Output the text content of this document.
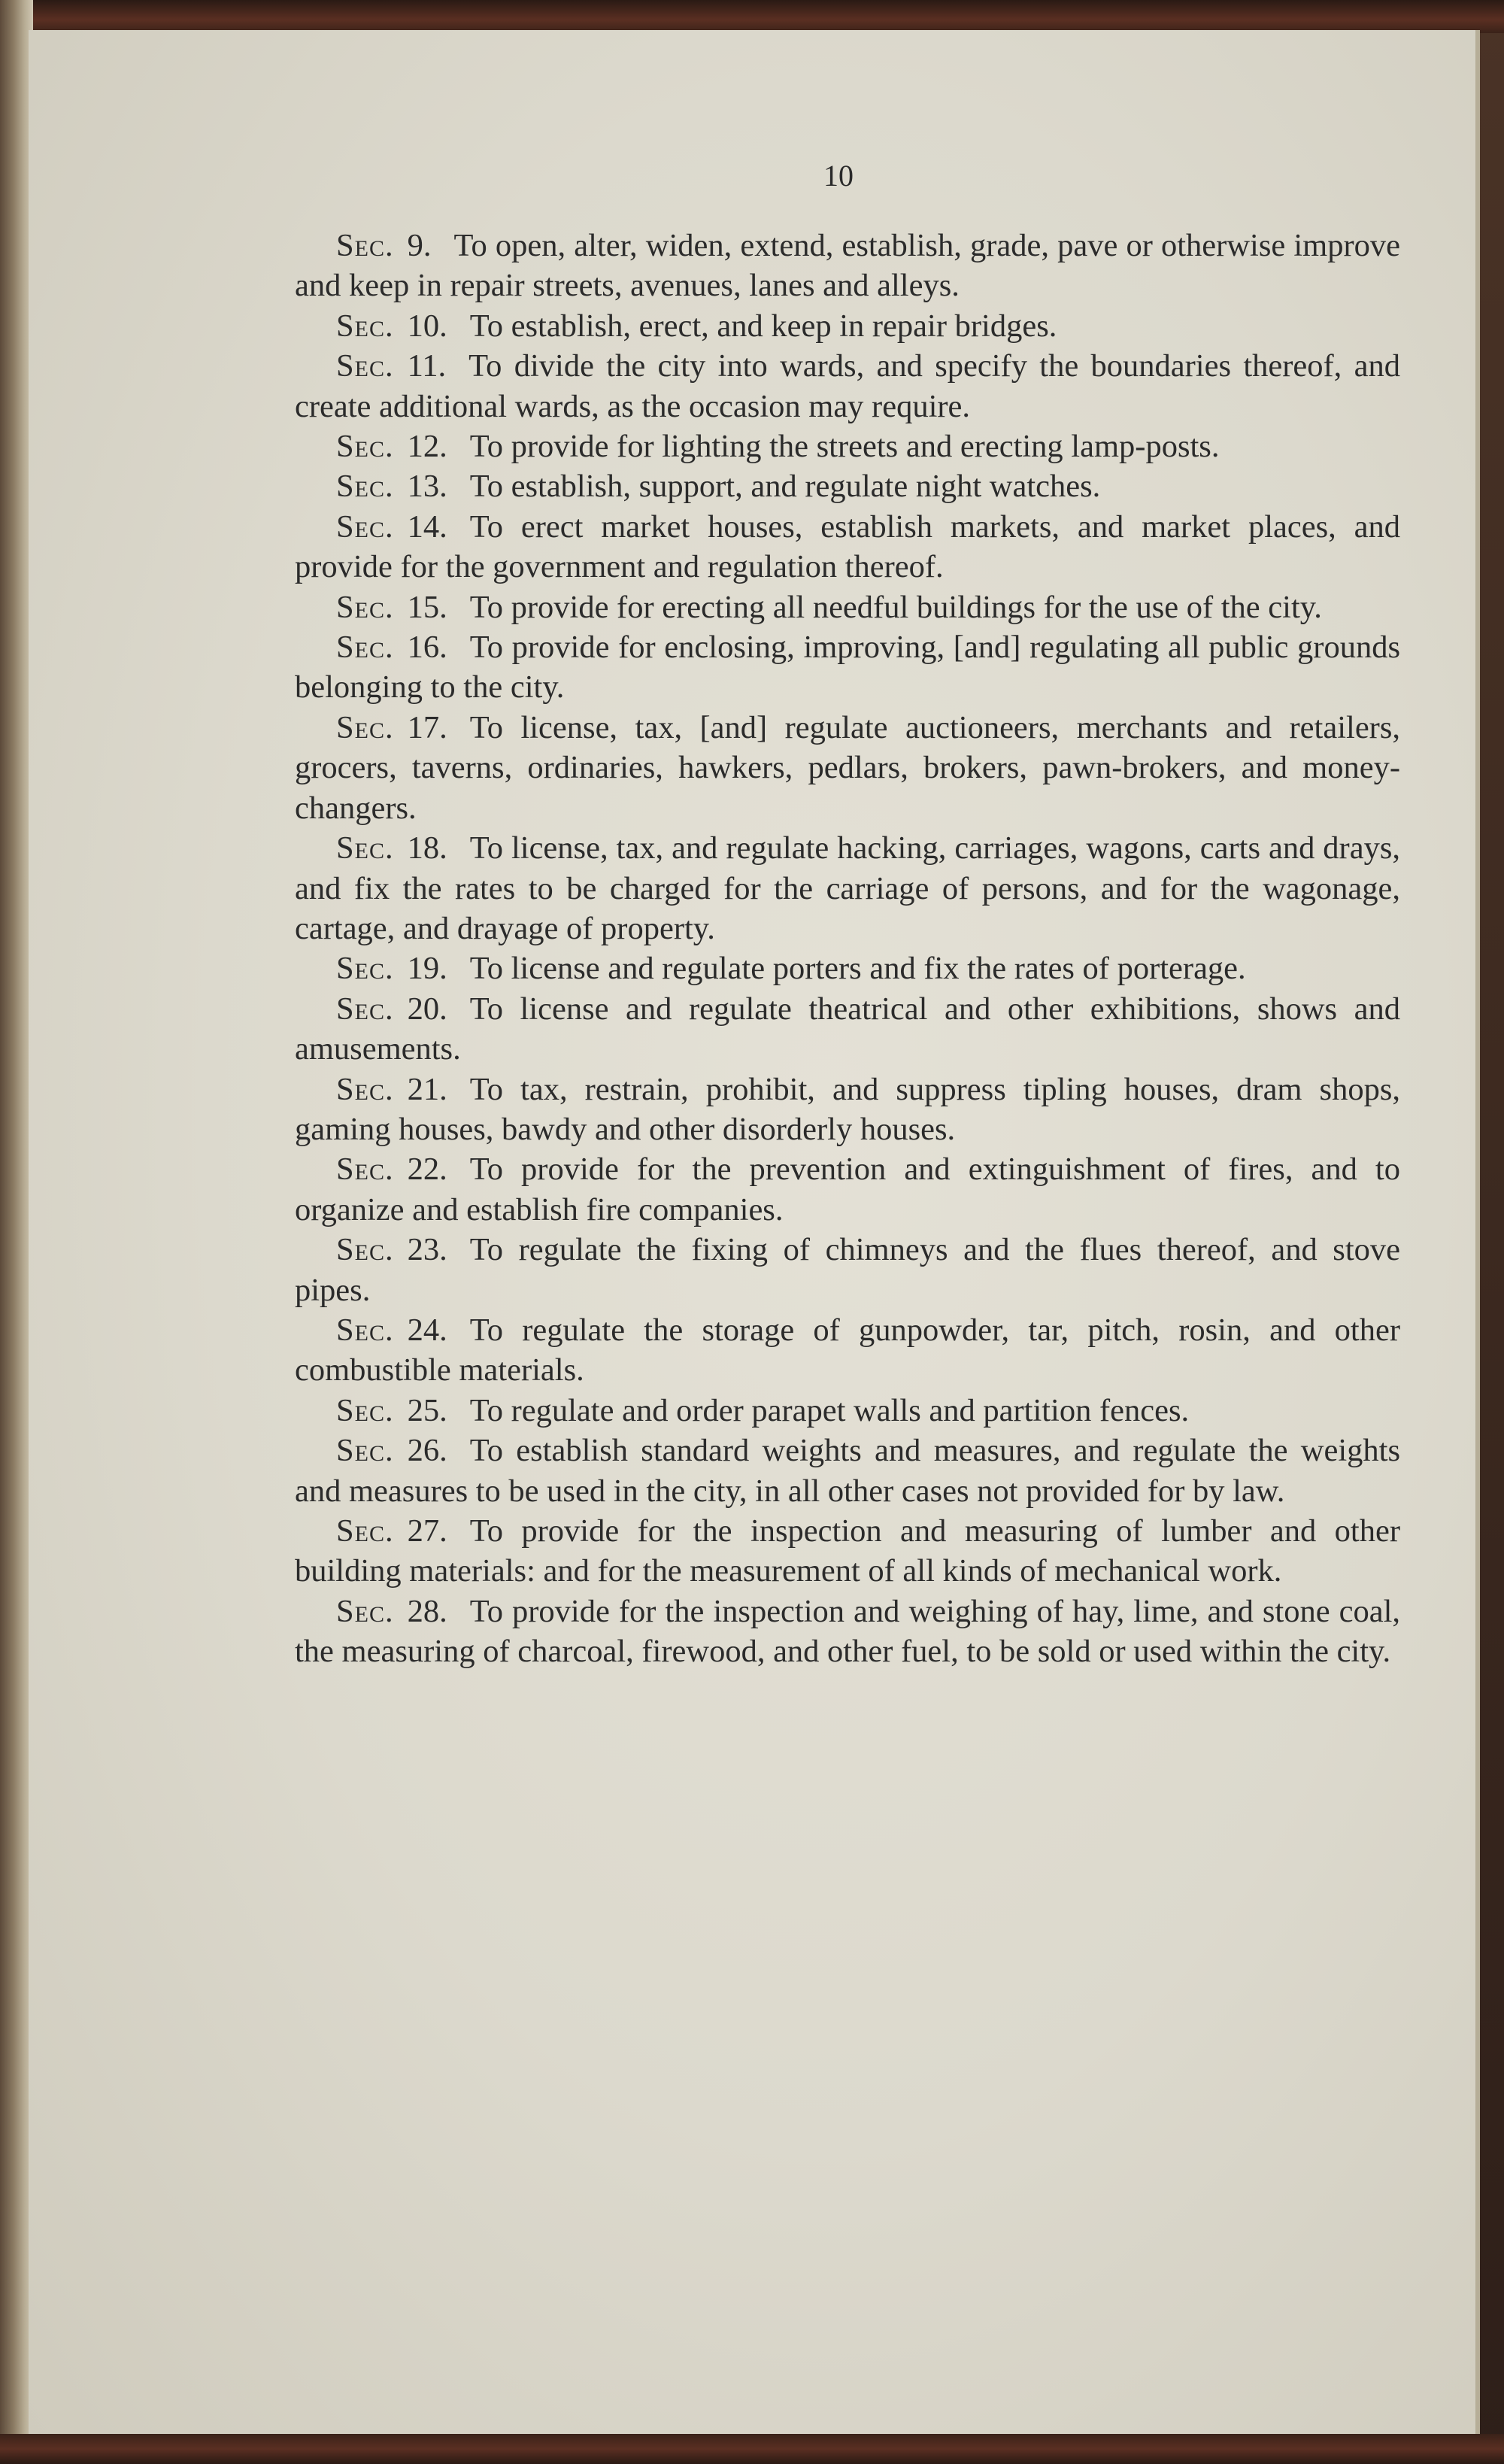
10

Sec. 9. To open, alter, widen, extend, establish, grade, pave or otherwise improve and keep in repair streets, avenues, lanes and alleys.

Sec. 10. To establish, erect, and keep in repair bridges.

Sec. 11. To divide the city into wards, and specify the boundaries thereof, and create additional wards, as the occasion may require.

Sec. 12. To provide for lighting the streets and erecting lamp-posts.

Sec. 13. To establish, support, and regulate night watches.

Sec. 14. To erect market houses, establish markets, and market places, and provide for the government and regulation thereof.

Sec. 15. To provide for erecting all needful buildings for the use of the city.

Sec. 16. To provide for enclosing, improving, [and] regulating all public grounds belonging to the city.

Sec. 17. To license, tax, [and] regulate auctioneers, merchants and retailers, grocers, taverns, ordinaries, hawkers, pedlars, brokers, pawn-brokers, and money-changers.

Sec. 18. To license, tax, and regulate hacking, carriages, wagons, carts and drays, and fix the rates to be charged for the carriage of persons, and for the wagonage, cartage, and drayage of property.

Sec. 19. To license and regulate porters and fix the rates of porterage.

Sec. 20. To license and regulate theatrical and other exhibitions, shows and amusements.

Sec. 21. To tax, restrain, prohibit, and suppress tipling houses, dram shops, gaming houses, bawdy and other disorderly houses.

Sec. 22. To provide for the prevention and extinguishment of fires, and to organize and establish fire companies.

Sec. 23. To regulate the fixing of chimneys and the flues thereof, and stove pipes.

Sec. 24. To regulate the storage of gunpowder, tar, pitch, rosin, and other combustible materials.

Sec. 25. To regulate and order parapet walls and partition fences.

Sec. 26. To establish standard weights and measures, and regulate the weights and measures to be used in the city, in all other cases not provided for by law.

Sec. 27. To provide for the inspection and measuring of lumber and other building materials: and for the measurement of all kinds of mechanical work.

Sec. 28. To provide for the inspection and weighing of hay, lime, and stone coal, the measuring of charcoal, firewood, and other fuel, to be sold or used within the city.
